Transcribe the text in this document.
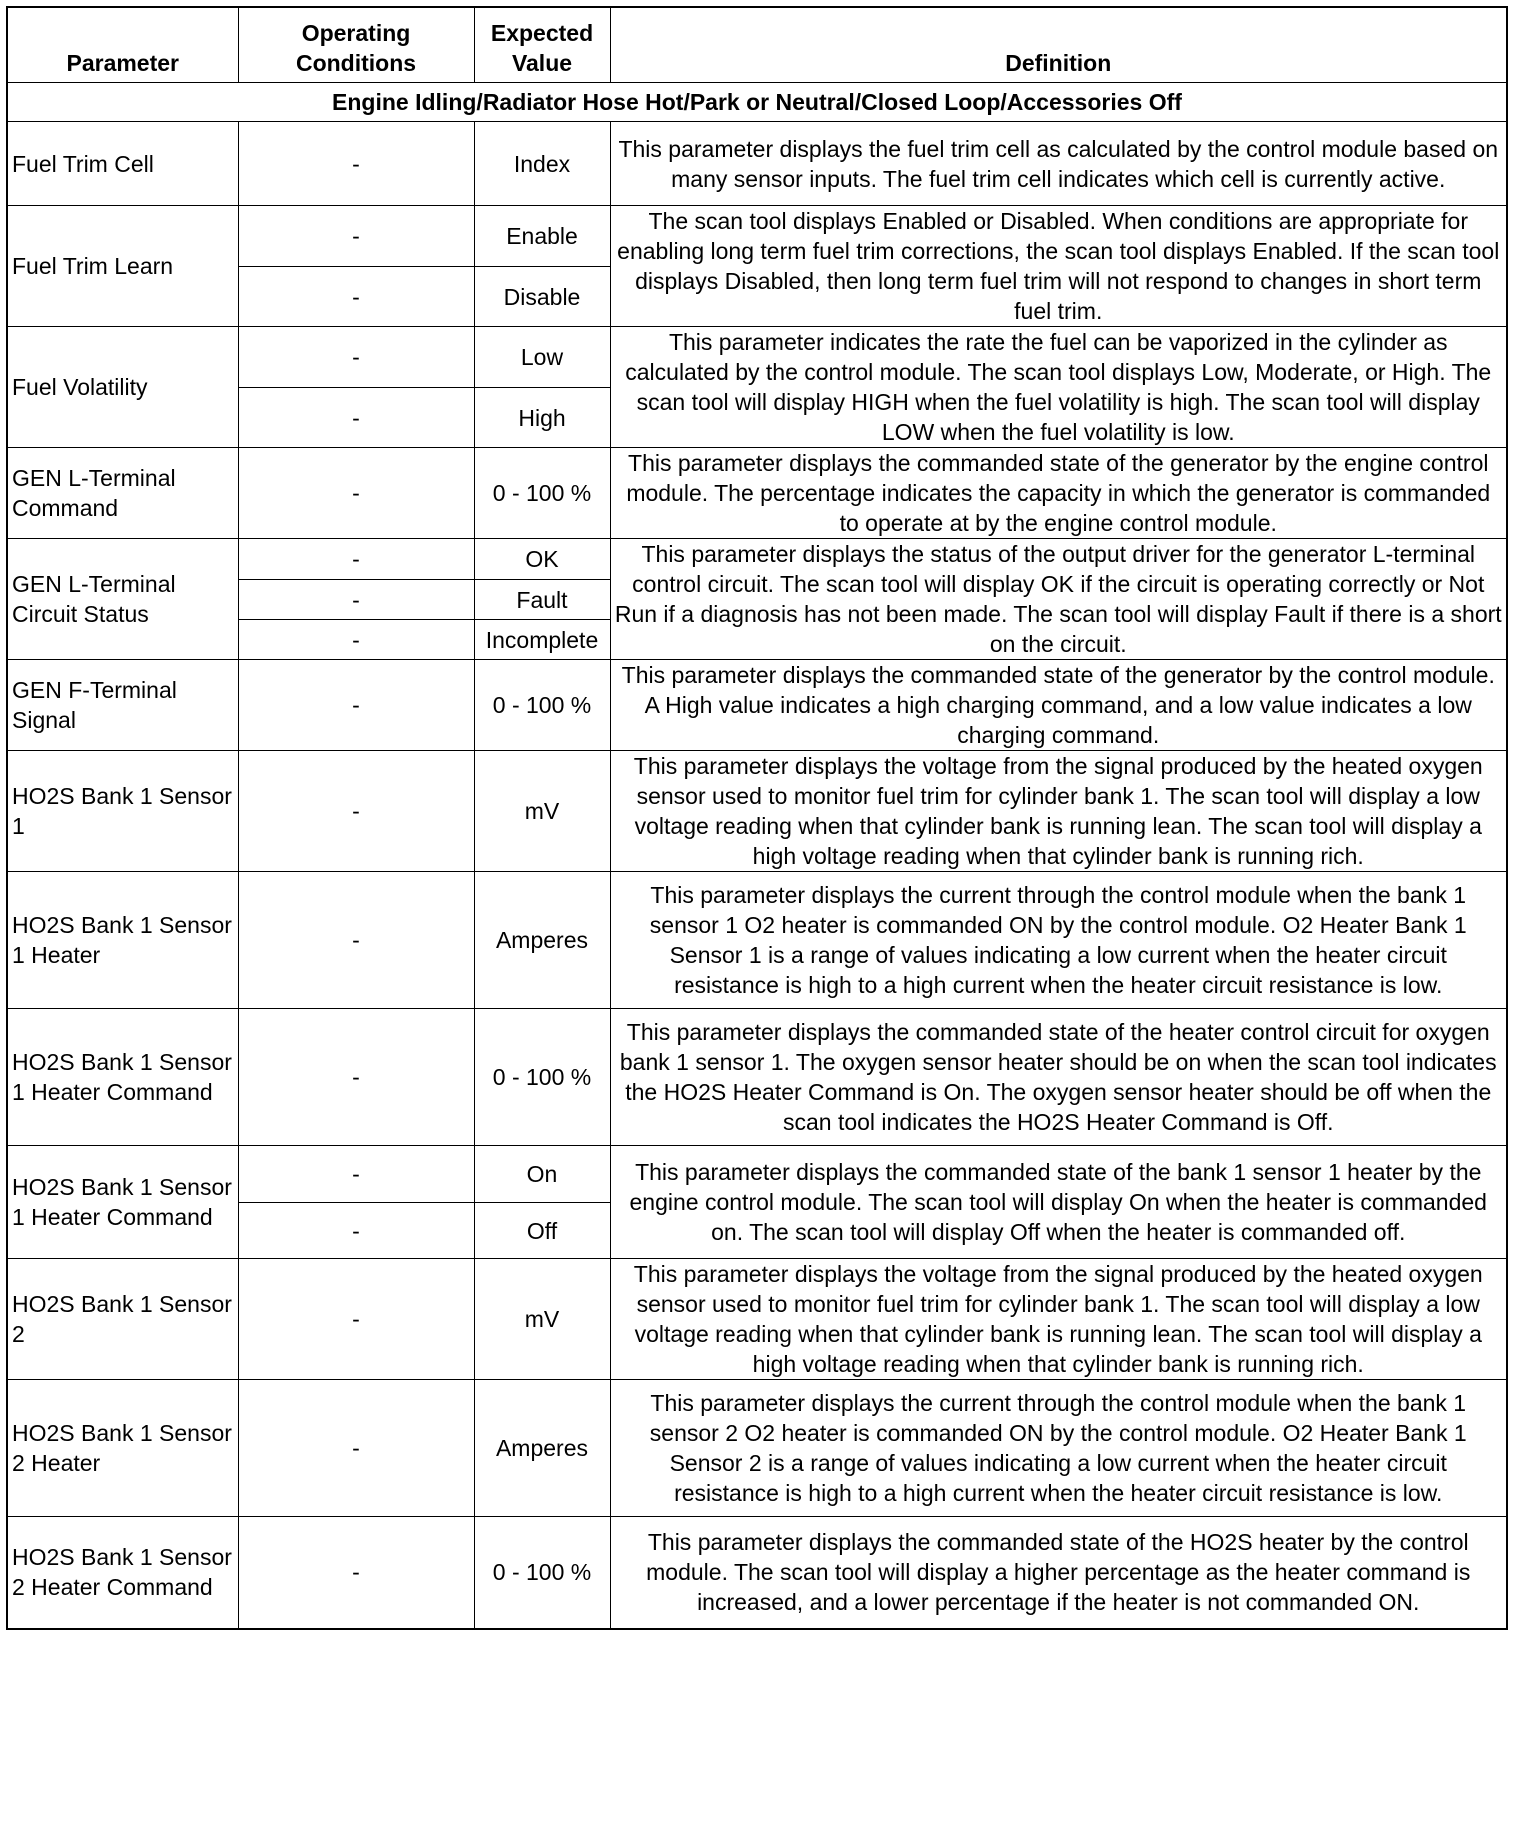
Parameter	Operating Conditions	Expected Value	Definition
Engine Idling/Radiator Hose Hot/Park or Neutral/Closed Loop/Accessories Off			
Fuel Trim Cell	-	Index	This parameter displays the fuel trim cell as calculated by the control module based on many sensor inputs. The fuel trim cell indicates which cell is currently active.
Fuel Trim Learn	-	Enable	The scan tool displays Enabled or Disabled. When conditions are appropriate for enabling long term fuel trim corrections, the scan tool displays Enabled. If the scan tool displays Disabled, then long term fuel trim will not respond to changes in short term fuel trim.
	-	Disable	
Fuel Volatility	-	Low	This parameter indicates the rate the fuel can be vaporized in the cylinder as calculated by the control module. The scan tool displays Low, Moderate, or High. The scan tool will display HIGH when the fuel volatility is high. The scan tool will display LOW when the fuel volatility is low.
	-	High	
GEN L-Terminal Command	-	0 - 100 %	This parameter displays the commanded state of the generator by the engine control module. The percentage indicates the capacity in which the generator is commanded to operate at by the engine control module.
GEN L-Terminal Circuit Status	-	OK	This parameter displays the status of the output driver for the generator L-terminal control circuit. The scan tool will display OK if the circuit is operating correctly or Not Run if a diagnosis has not been made. The scan tool will display Fault if there is a short on the circuit.
	-	Fault	
	-	Incomplete	
GEN F-Terminal Signal	-	0 - 100 %	This parameter displays the commanded state of the generator by the control module. A High value indicates a high charging command, and a low value indicates a low charging command.
HO2S Bank 1 Sensor 1	-	mV	This parameter displays the voltage from the signal produced by the heated oxygen sensor used to monitor fuel trim for cylinder bank 1. The scan tool will display a low voltage reading when that cylinder bank is running lean. The scan tool will display a high voltage reading when that cylinder bank is running rich.
HO2S Bank 1 Sensor 1 Heater	-	Amperes	This parameter displays the current through the control module when the bank 1 sensor 1 O2 heater is commanded ON by the control module. O2 Heater Bank 1 Sensor 1 is a range of values indicating a low current when the heater circuit resistance is high to a high current when the heater circuit resistance is low.
HO2S Bank 1 Sensor 1 Heater Command	-	0 - 100 %	This parameter displays the commanded state of the heater control circuit for oxygen bank 1 sensor 1. The oxygen sensor heater should be on when the scan tool indicates the HO2S Heater Command is On. The oxygen sensor heater should be off when the scan tool indicates the HO2S Heater Command is Off.
HO2S Bank 1 Sensor 1 Heater Command	-	On	This parameter displays the commanded state of the bank 1 sensor 1 heater by the engine control module. The scan tool will display On when the heater is commanded on. The scan tool will display Off when the heater is commanded off.
	-	Off	
HO2S Bank 1 Sensor 2	-	mV	This parameter displays the voltage from the signal produced by the heated oxygen sensor used to monitor fuel trim for cylinder bank 1. The scan tool will display a low voltage reading when that cylinder bank is running lean. The scan tool will display a high voltage reading when that cylinder bank is running rich.
HO2S Bank 1 Sensor 2 Heater	-	Amperes	This parameter displays the current through the control module when the bank 1 sensor 2 O2 heater is commanded ON by the control module. O2 Heater Bank 1 Sensor 2 is a range of values indicating a low current when the heater circuit resistance is high to a high current when the heater circuit resistance is low.
HO2S Bank 1 Sensor 2 Heater Command	-	0 - 100 %	This parameter displays the commanded state of the HO2S heater by the control module. The scan tool will display a higher percentage as the heater command is increased, and a lower percentage if the heater is not commanded ON.
